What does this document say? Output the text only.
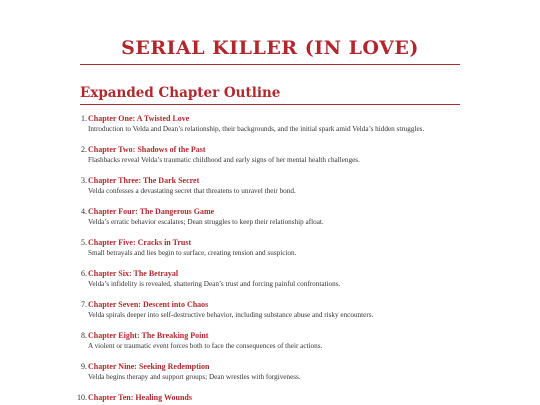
SERIAL KILLER (IN LOVE)
Expanded Chapter Outline
1. Chapter One: A Twisted Love
Introduction to Velda and Dean’s relationship, their backgrounds, and the initial spark amid Velda’s hidden struggles.
2. Chapter Two: Shadows of the Past
Flashbacks reveal Velda’s traumatic childhood and early signs of her mental health challenges.
3. Chapter Three: The Dark Secret
Velda confesses a devastating secret that threatens to unravel their bond.
4. Chapter Four: The Dangerous Game
Velda’s erratic behavior escalates; Dean struggles to keep their relationship afloat.
5. Chapter Five: Cracks in Trust
Small betrayals and lies begin to surface, creating tension and suspicion.
6. Chapter Six: The Betrayal
Velda’s infidelity is revealed, shattering Dean’s trust and forcing painful confrontations.
7. Chapter Seven: Descent into Chaos
Velda spirals deeper into self-destructive behavior, including substance abuse and risky encounters.
8. Chapter Eight: The Breaking Point
A violent or traumatic event forces both to face the consequences of their actions.
9. Chapter Nine: Seeking Redemption
Velda begins therapy and support groups; Dean wrestles with forgiveness.
10. Chapter Ten: Healing Wounds
